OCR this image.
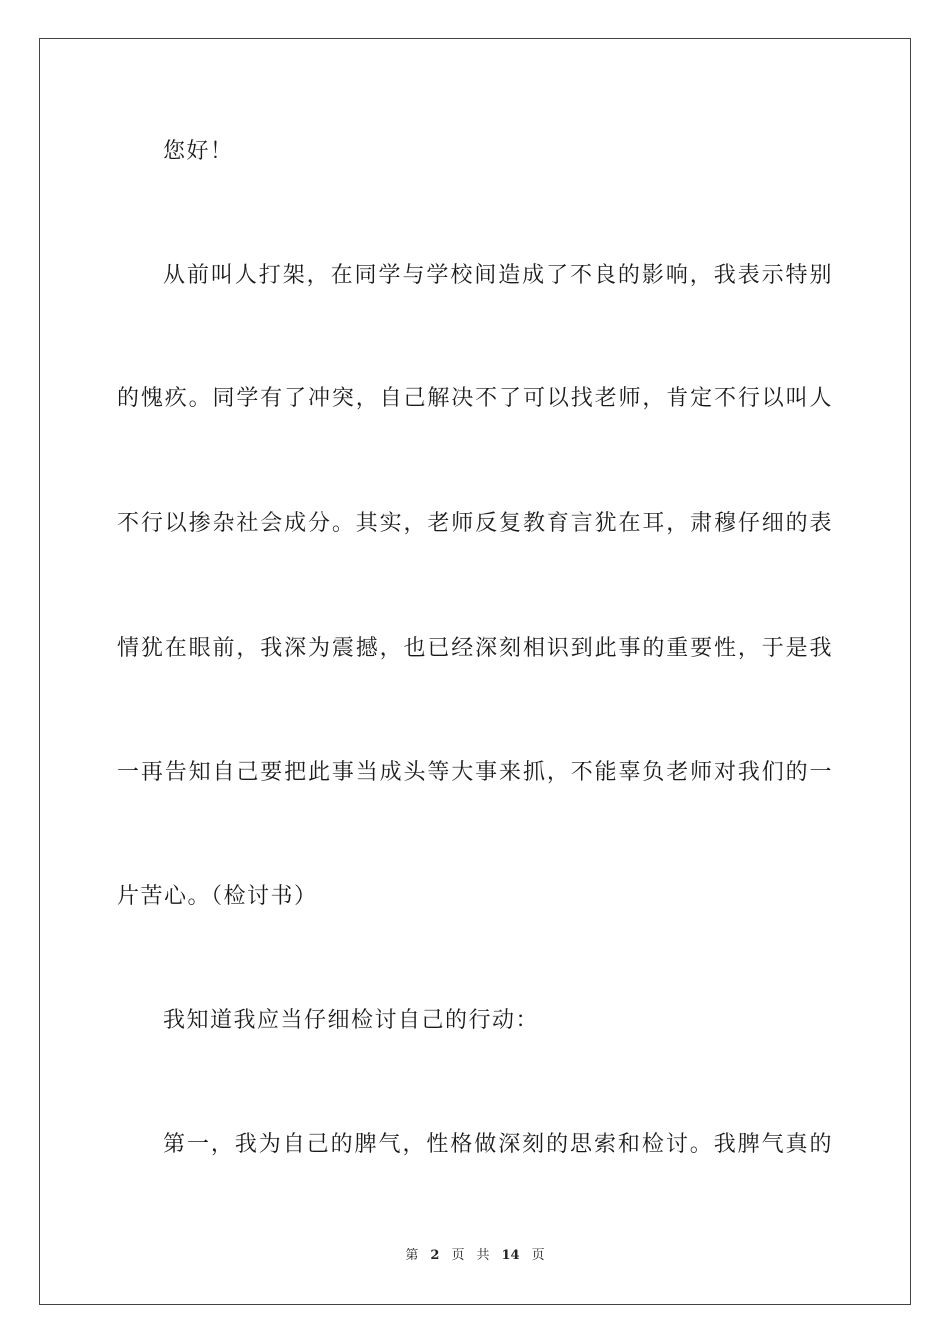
您好！
从前叫人打架，在同学与学校间造成了不良的影响，我表示特别
的愧疚。同学有了冲突，自己解决不了可以找老师，肯定不行以叫人
不行以掺杂社会成分。其实，老师反复教育言犹在耳，肃穆仔细的表
情犹在眼前，我深为震撼，也已经深刻相识到此事的重要性，于是我
一再告知自己要把此事当成头等大事来抓，不能辜负老师对我们的一
片苦心。（检讨书）
我知道我应当仔细检讨自己的行动：
第一，我为自己的脾气，性格做深刻的思索和检讨。我脾气真的
第 2 页 共 14 页
